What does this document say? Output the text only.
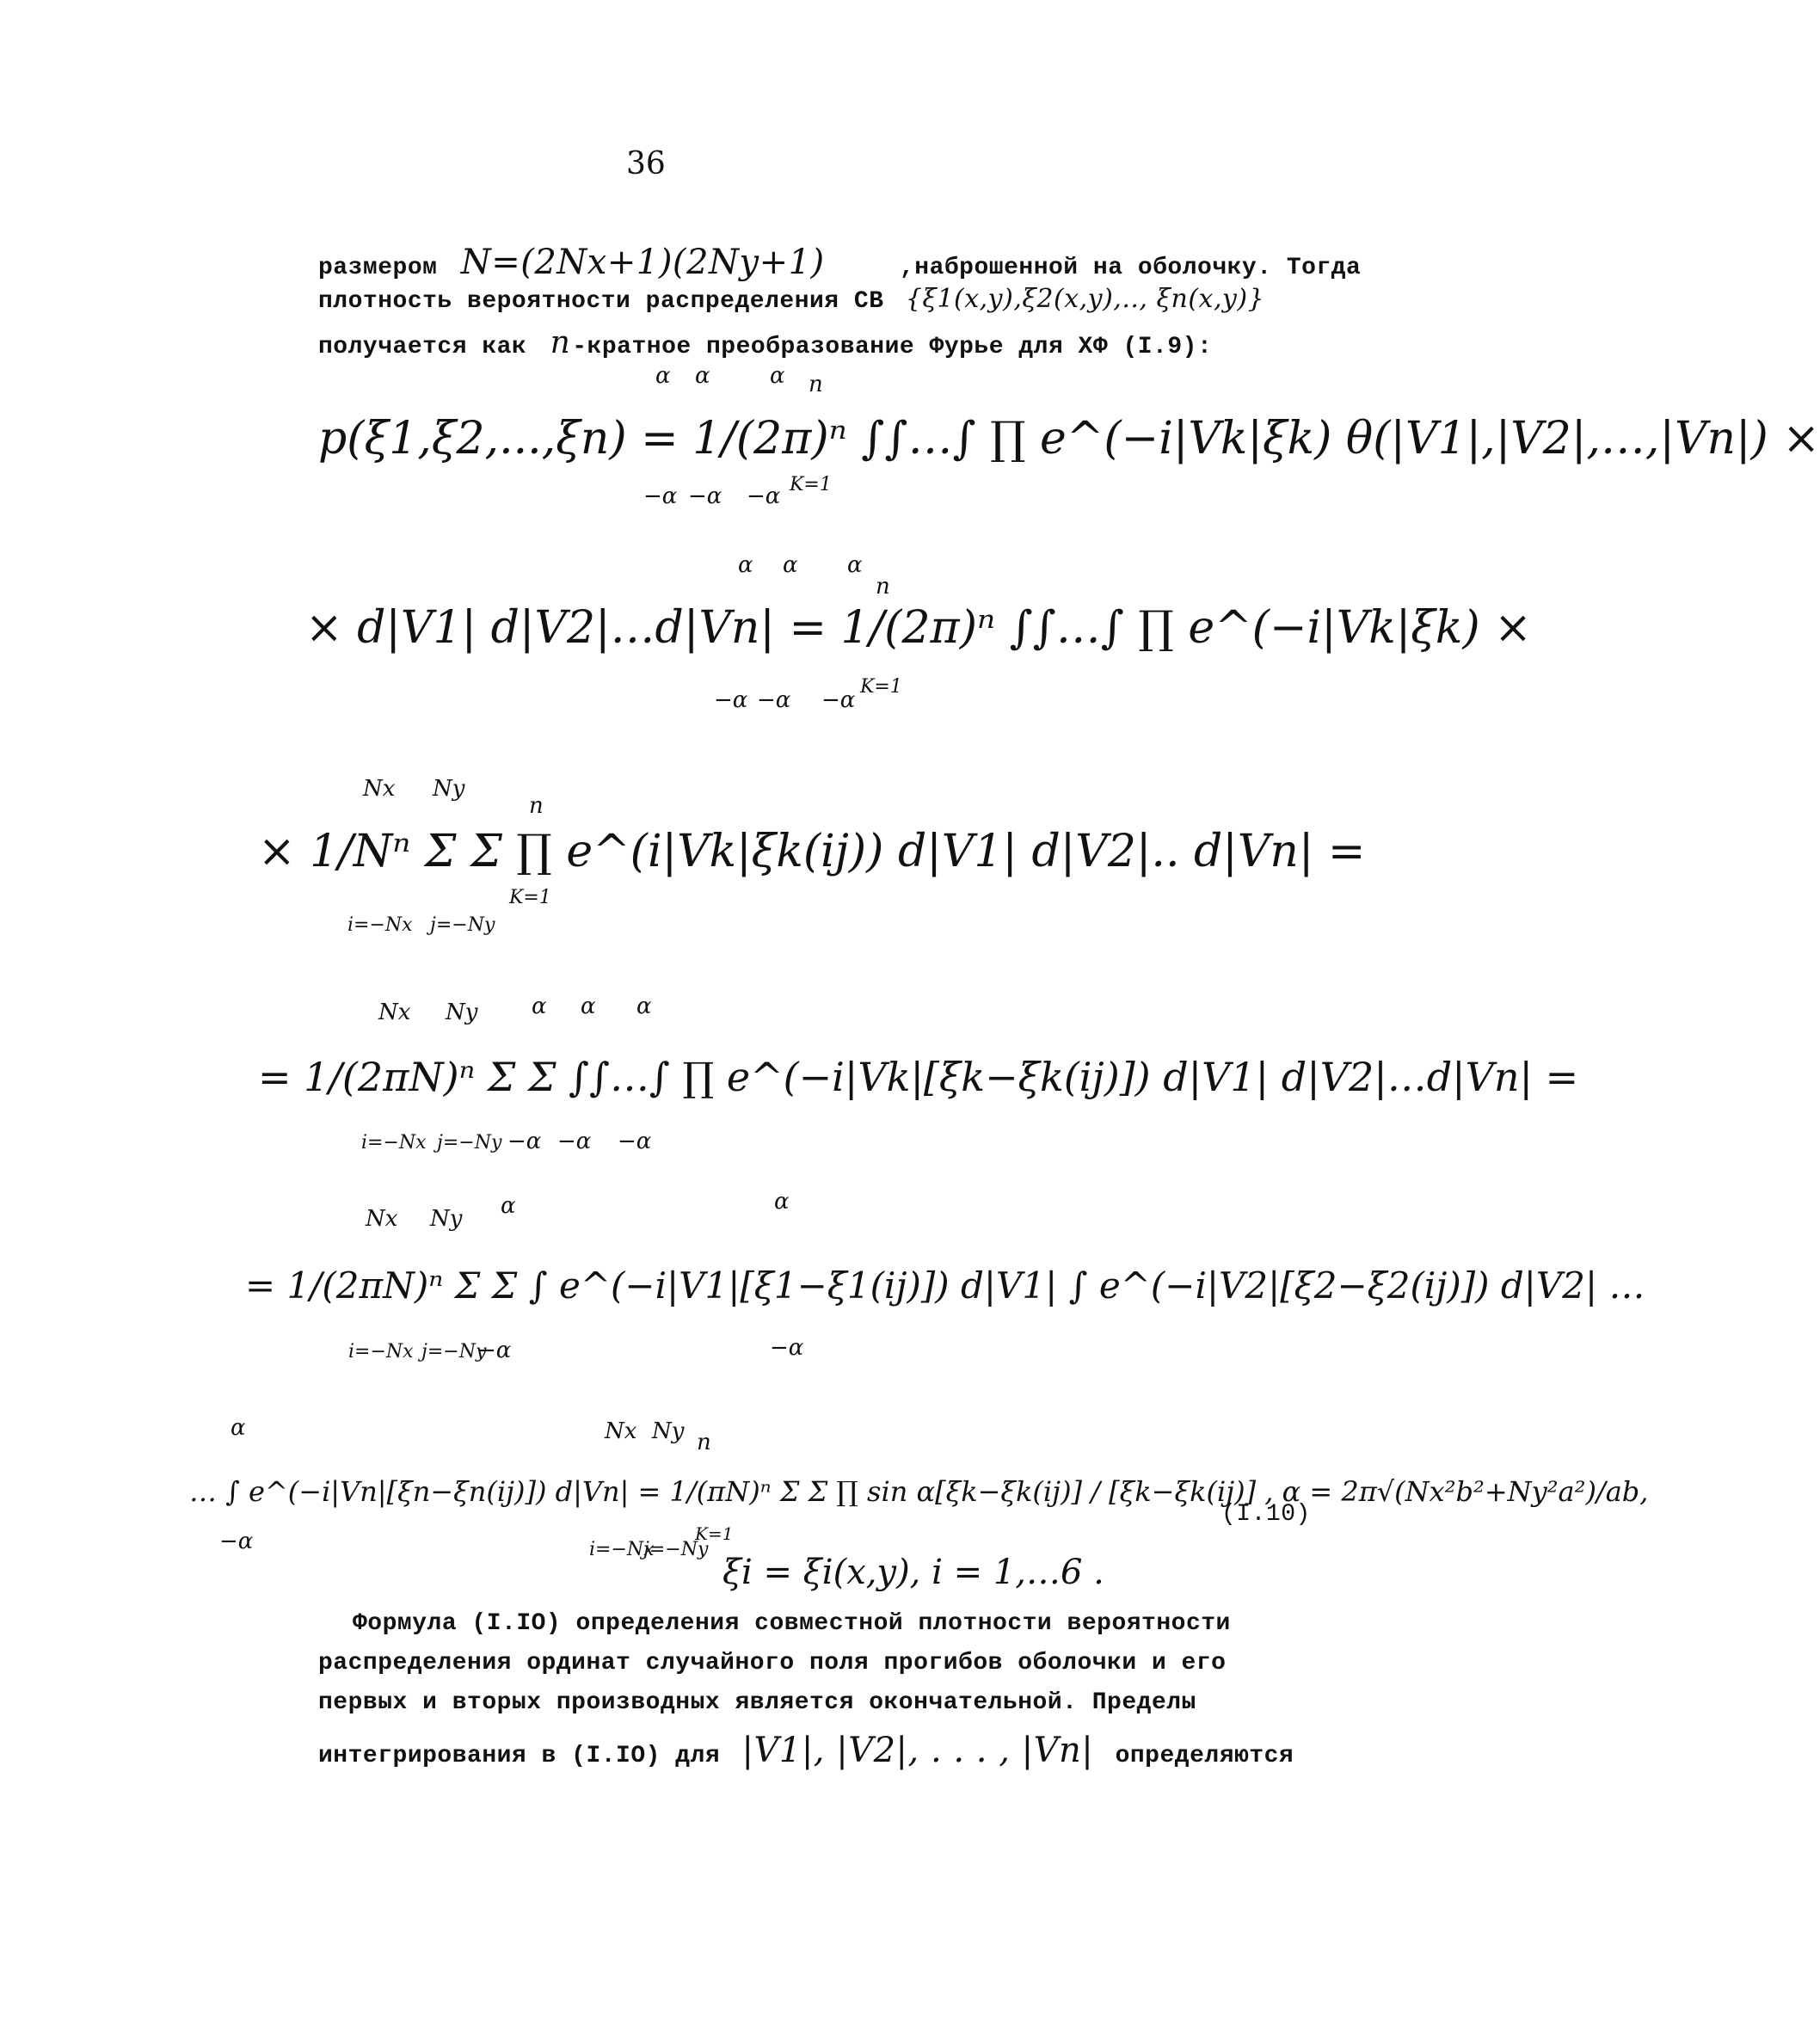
36
размером N=(2Nx+1)(2Ny+1)	,наброшенной на оболочку. Тогда
плотность вероятности распределения СВ {ξ1(x,y),ξ2(x,y),.., ξn(x,y)}
получается как n-кратное преобразование Фурье для ХФ (I.9):
p(ξ1,ξ2,...,ξn) = 1/(2π)ⁿ ∫∫…∫ ∏ e^(−i|Vk|ξk) θ(|V1|,|V2|,…,|Vn|) ×
α α	α n
−α −α −α K=1
α α α
n
−α −α −α
K=1
Nx Ny
n
i=−Nx j=−Ny
K=1
Nx Ny α α α
i=−Nx j=−Ny −α −α −α
Nx Ny α	α
i=−Nx j=−Ny
−α	−α
α
−α
Nx Ny n
i=−Nx
j=−Ny
K=1
× d|V1| d|V2|…d|Vn| = 1/(2π)ⁿ ∫∫…∫ ∏ e^(−i|Vk|ξk) ×
× 1/Nⁿ Σ Σ ∏ e^(i|Vk|ξk(ij)) d|V1| d|V2|.. d|Vn| =
= 1/(2πN)ⁿ Σ Σ ∫∫…∫ ∏ e^(−i|Vk|[ξk−ξk(ij)]) d|V1| d|V2|…d|Vn| =
= 1/(2πN)ⁿ Σ Σ ∫ e^(−i|V1|[ξ1−ξ1(ij)]) d|V1| ∫ e^(−i|V2|[ξ2−ξ2(ij)]) d|V2| …
… ∫ e^(−i|Vn|[ξn−ξn(ij)]) d|Vn| = 1/(πN)ⁿ Σ Σ ∏ sin α[ξk−ξk(ij)] / [ξk−ξk(ij)] , α = 2π√(Nx²b²+Ny²a²)/ab,
(I.10)
ξi = ξi(x,y), i = 1,…6 .
Формула (I.IO) определения совместной плотности вероятности
распределения ординат случайного поля прогибов оболочки и его
первых и вторых производных является окончательной. Пределы
интегрирования в (I.IO) для |V1|, |V2|, . . . , |Vn| определяются
